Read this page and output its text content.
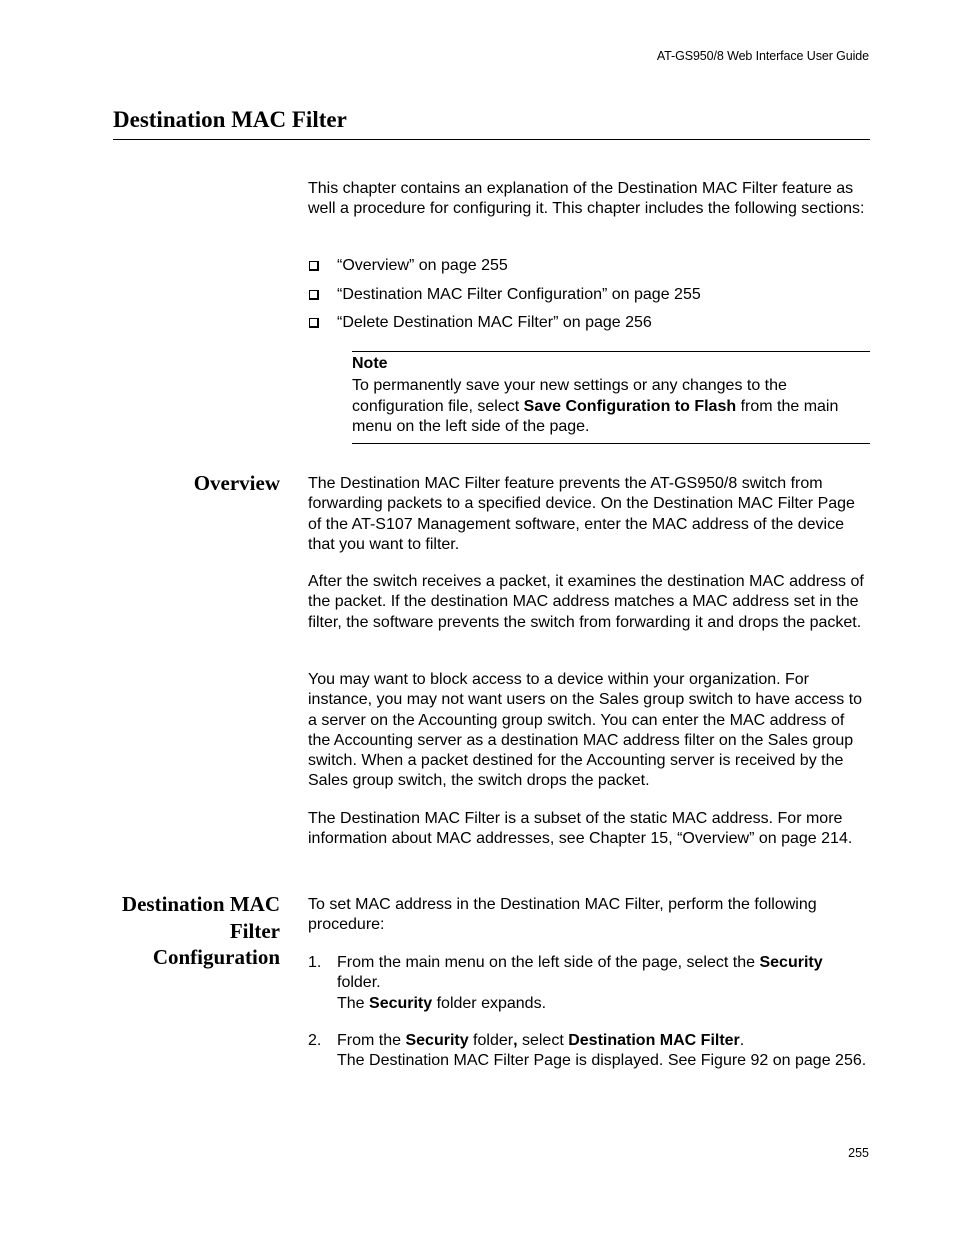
AT-GS950/8 Web Interface User Guide
Destination MAC Filter

This chapter contains an explanation of the Destination MAC Filter feature as well a procedure for configuring it. This chapter includes the following sections:

“Overview” on page 255
“Destination MAC Filter Configuration” on page 255
“Delete Destination MAC Filter” on page 256
Note
To permanently save your new settings or any changes to the configuration file, select Save Configuration to Flash from the main menu on the left side of the page.
Overview The Destination MAC Filter feature prevents the AT-GS950/8 switch from forwarding packets to a specified device. On the Destination MAC Filter Page of the AT-S107 Management software, enter the MAC address of the device that you want to filter.

After the switch receives a packet, it examines the destination MAC address of the packet. If the destination MAC address matches a MAC address set in the filter, the software prevents the switch from forwarding it and drops the packet.

You may want to block access to a device within your organization. For instance, you may not want users on the Sales group switch to have access to a server on the Accounting group switch. You can enter the MAC address of the Accounting server as a destination MAC address filter on the Sales group switch. When a packet destined for the Accounting server is received by the Sales group switch, the switch drops the packet.

The Destination MAC Filter is a subset of the static MAC address. For more information about MAC addresses, see Chapter 15, “Overview” on page 214.

Destination MAC
Filter
Configuration

To set MAC address in the Destination MAC Filter, perform the following procedure:

1. From the main menu on the left side of the page, select the Security folder.
The Security folder expands.
2. From the Security folder, select Destination MAC Filter.
The Destination MAC Filter Page is displayed. See Figure 92 on page 256.
255
